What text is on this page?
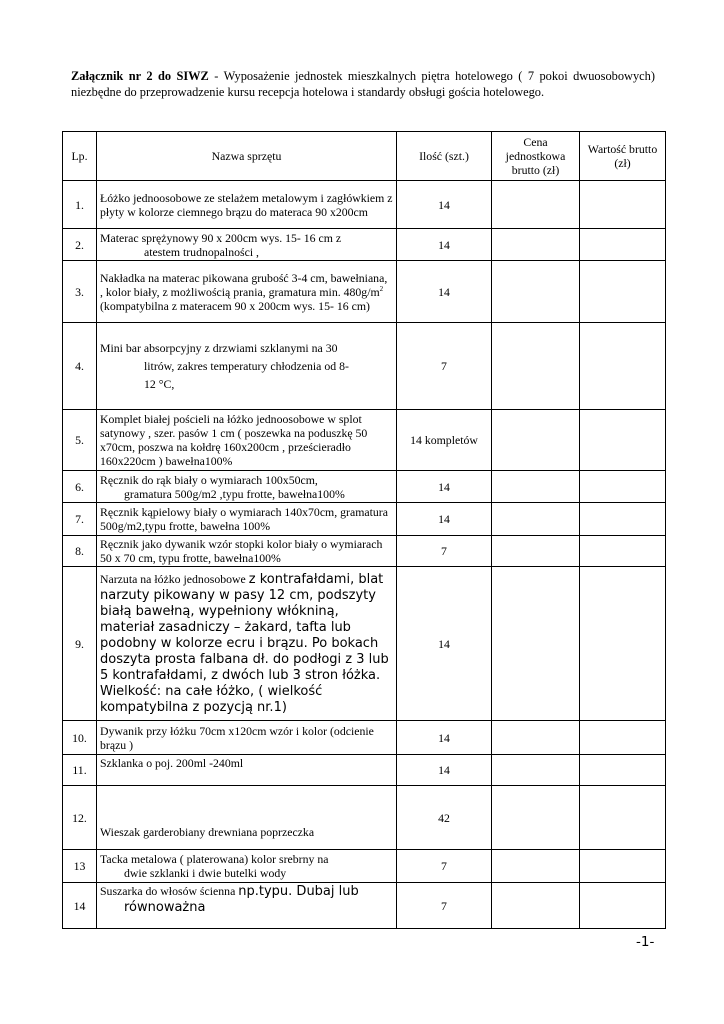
Załącznik nr 2 do SIWZ - Wyposażenie jednostek mieszkalnych piętra hotelowego ( 7 pokoi dwuosobowych) niezbędne do przeprowadzenie kursu recepcja hotelowa i standardy obsługi gościa hotelowego.
Lp.	Nazwa sprzętu	Ilość (szt.)	Cena jednostkowa brutto (zł)	Wartość brutto (zł)
1.	Łóżko jednoosobowe ze stelażem metalowym i zagłówkiem z płyty w kolorze ciemnego brązu do materaca 90 x200cm	14		
2.	Materac sprężynowy 90 x 200cm wys. 15- 16 cm z
atestem trudnopalności ,	14		
3.	Nakładka na materac pikowana grubość 3-4 cm, bawełniana, , kolor biały, z możliwością prania, gramatura min. $480g/m^2$ (kompatybilna z materacem 90 x 200cm wys. 15- 16 cm)	14		
4.	Mini bar absorpcyjny z drzwiami szklanymi na 30
litrów, zakres temperatury chłodzenia od 8-
12 °C,	7		
5.	Komplet białej pościeli na łóżko jednoosobowe w splot satynowy , szer. pasów 1 cm ( poszewka na poduszkę 50 x70cm, poszwa na kołdrę 160x200cm , prześcieradło 160x220cm ) bawełna100%	14 kompletów		
6.	Ręcznik do rąk biały o wymiarach 100x50cm,
gramatura 500g/m2 ,typu frotte, bawełna100%	14		
7.	Ręcznik kąpielowy biały o wymiarach 140x70cm, gramatura 500g/m2,typu frotte, bawełna 100%	14		
8.	Ręcznik jako dywanik wzór stopki kolor biały o wymiarach 50 x 70 cm, typu frotte, bawełna100%	7		
9.	Narzuta na łóżko jednosobowe z kontrafałdami, blat narzuty pikowany w pasy 12 cm, podszyty białą bawełną, wypełniony włókniną, materiał zasadniczy – żakard, tafta lub podobny w kolorze ecru i brązu. Po bokach doszyta prosta falbana dł. do podłogi z 3 lub 5 kontrafałdami, z dwóch lub 3 stron łóżka. Wielkość: na całe łóżko, ( wielkość kompatybilna z pozycją nr.1)	14		
10.	Dywanik przy łóżku 70cm x120cm wzór i kolor (odcienie brązu )	14		
11.	Szklanka o poj. 200ml -240ml	14		
12.	Wieszak garderobiany drewniana poprzeczka	42		
13	Tacka metalowa ( platerowana) kolor srebrny na
dwie szklanki i dwie butelki wody	7		
14	Suszarka do włosów ścienna np.typu. Dubaj lub
równoważna	7		
-1-
